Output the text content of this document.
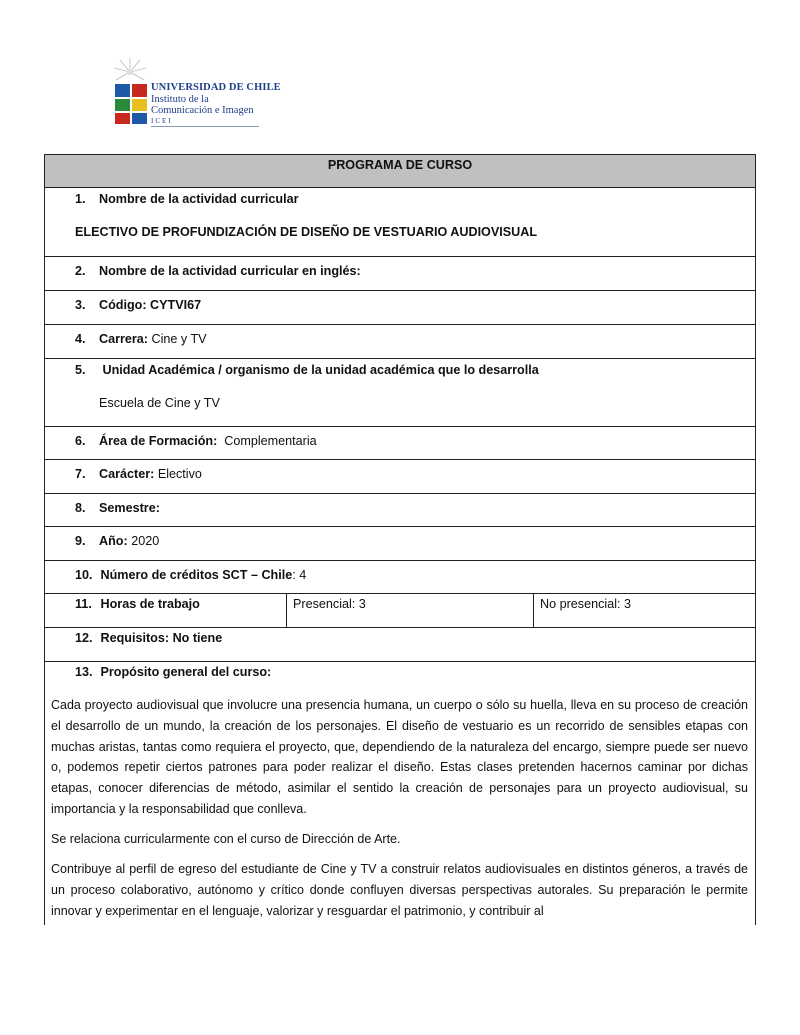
UNIVERSIDAD DE CHILE
Instituto de la
Comunicación e Imagen
ICEI
PROGRAMA DE CURSO
1. Nombre de la actividad curricular
ELECTIVO DE PROFUNDIZACIÓN DE DISEÑO DE VESTUARIO AUDIOVISUAL
2. Nombre de la actividad curricular en inglés:
3. Código: CYTVI67
4. Carrera: Cine y TV
5. Unidad Académica / organismo de la unidad académica que lo desarrolla
Escuela de Cine y TV
6. Área de Formación: Complementaria
7. Carácter: Electivo
8. Semestre:
9. Año: 2020
10. Número de créditos SCT – Chile: 4
11. Horas de trabajo	Presencial: 3	No presencial: 3
12. Requisitos: No tiene
13. Propósito general del curso:
Cada proyecto audiovisual que involucre una presencia humana, un cuerpo o sólo su huella, lleva en su proceso de creación el desarrollo de un mundo, la creación de los personajes. El diseño de vestuario es un recorrido de sensibles etapas con muchas aristas, tantas como requiera el proyecto, que, dependiendo de la naturaleza del encargo, siempre puede ser nuevo o, podemos repetir ciertos patrones para poder realizar el diseño. Estas clases pretenden hacernos caminar por dichas etapas, conocer diferencias de método, asimilar el sentido la creación de personajes para un proyecto audiovisual, su importancia y la responsabilidad que conlleva.
Se relaciona curricularmente con el curso de Dirección de Arte.
Contribuye al perfil de egreso del estudiante de Cine y TV a construir relatos audiovisuales en distintos géneros, a través de un proceso colaborativo, autónomo y crítico donde confluyen diversas perspectivas autorales. Su preparación le permite innovar y experimentar en el lenguaje, valorizar y resguardar el patrimonio, y contribuir al
